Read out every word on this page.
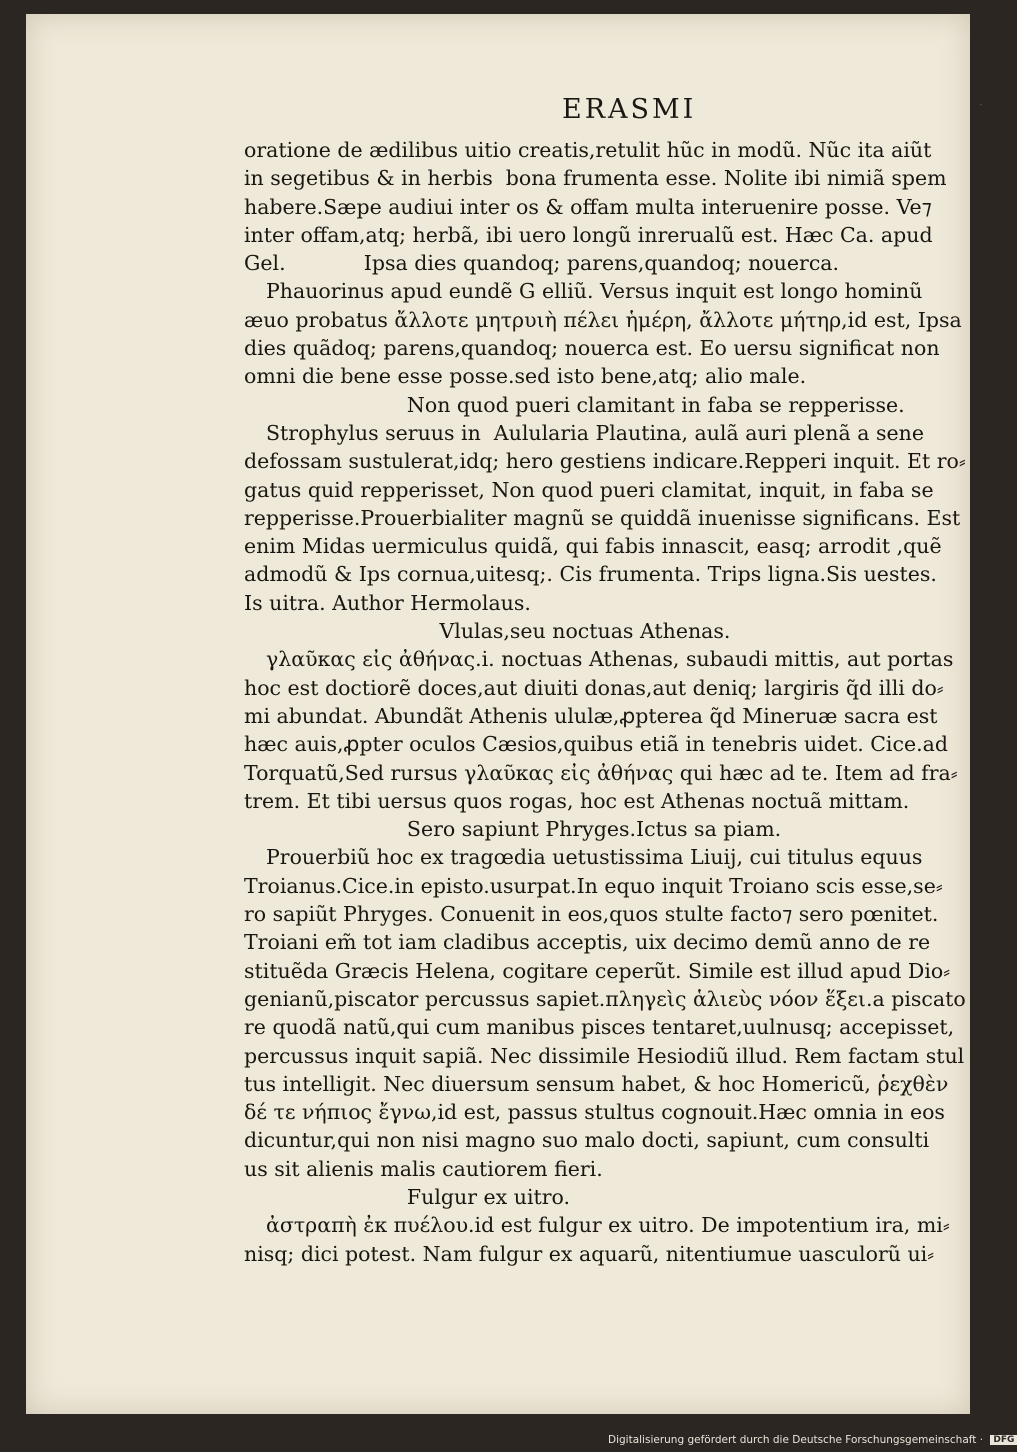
ERASMI	·
oratione de ædilibus uitio creatis,retulit hũc in modũ. Nũc ita aiũt
in segetibus & in herbis  bona frumenta esse. Nolite ibi nimiã spem
habere.Sæpe audiui inter os & offam multa interuenire posse. Ve⁊
inter offam,atq; herbã, ibi uero longũ inrerualũ est. Hæc Ca. apud
Gel.            Ipsa dies quandoq; parens,quandoq; nouerca.
Phauorinus apud eundẽ G elliũ. Versus inquit est longo hominũ
æuo probatus ἄλλοτε μητρυιὴ πέλει ἡμέρη, ἄλλοτε μήτηρ,id est, Ipsa
dies quãdoq; parens,quandoq; nouerca est. Eo uersu significat non
omni die bene esse posse.sed isto bene,atq; alio male.
Non quod pueri clamitant in faba se repperisse.
Strophylus seruus in  Aulularia Plautina, aulã auri plenã a sene
defossam sustulerat,idq; hero gestiens indicare.Repperi inquit. Et ro⸗
gatus quid repperisset, Non quod pueri clamitat, inquit, in faba se
repperisse.Prouerbialiter magnũ se quiddã inuenisse significans. Est
enim Midas uermiculus quidã, qui fabis innascit, easq; arrodit ,quẽ
admodũ & Ips cornua,uitesq;. Cis frumenta. Trips ligna.Sis uestes.
Is uitra. Author Hermolaus.
Vlulas,seu noctuas Athenas.
γλαῦκας εἰς ἀθήνας.i. noctuas Athenas, subaudi mittis, aut portas
hoc est doctiorẽ doces,aut diuiti donas,aut deniq; largiris q̃d illi do⸗
mi abundat. Abundãt Athenis ululæ,ꝓpterea q̃d Mineruæ sacra est
hæc auis,ꝓpter oculos Cæsios,quibus etiã in tenebris uidet. Cice.ad
Torquatũ,Sed rursus γλαῦκας εἰς ἀθήνας qui hæc ad te. Item ad fra⸗
trem. Et tibi uersus quos rogas, hoc est Athenas noctuã mittam.
Sero sapiunt Phryges.Ictus sa piam.
Prouerbiũ hoc ex tragœdia uetustissima Liuij, cui titulus equus
Troianus.Cice.in episto.usurpat.In equo inquit Troiano scis esse,se⸗
ro sapiũt Phryges. Conuenit in eos,quos stulte facto⁊ sero pœnitet.
Troiani em̃ tot iam cladibus acceptis, uix decimo demũ anno de re
stituẽda Græcis Helena, cogitare ceperũt. Simile est illud apud Dio⸗
genianũ,piscator percussus sapiet.πληγεὶς ἁλιεὺς νόον ἕξει.a piscato
re quodã natũ,qui cum manibus pisces tentaret,uulnusq; accepisset,
percussus inquit sapiã. Nec dissimile Hesiodiũ illud. Rem factam stul
tus intelligit. Nec diuersum sensum habet, & hoc Homericũ, ῥεχθὲν
δέ τε νήπιος ἔγνω,id est, passus stultus cognouit.Hæc omnia in eos
dicuntur,qui non nisi magno suo malo docti, sapiunt, cum consulti
us sit alienis malis cautiorem fieri.
Fulgur ex uitro.
ἀστραπὴ ἐκ πυέλου.id est fulgur ex uitro. De impotentium ira, mi⸗
nisq; dici potest. Nam fulgur ex aquarũ, nitentiumue uasculorũ ui⸗
Digitalisierung gefördert durch die Deutsche Forschungsgemeinschaft · DFG
